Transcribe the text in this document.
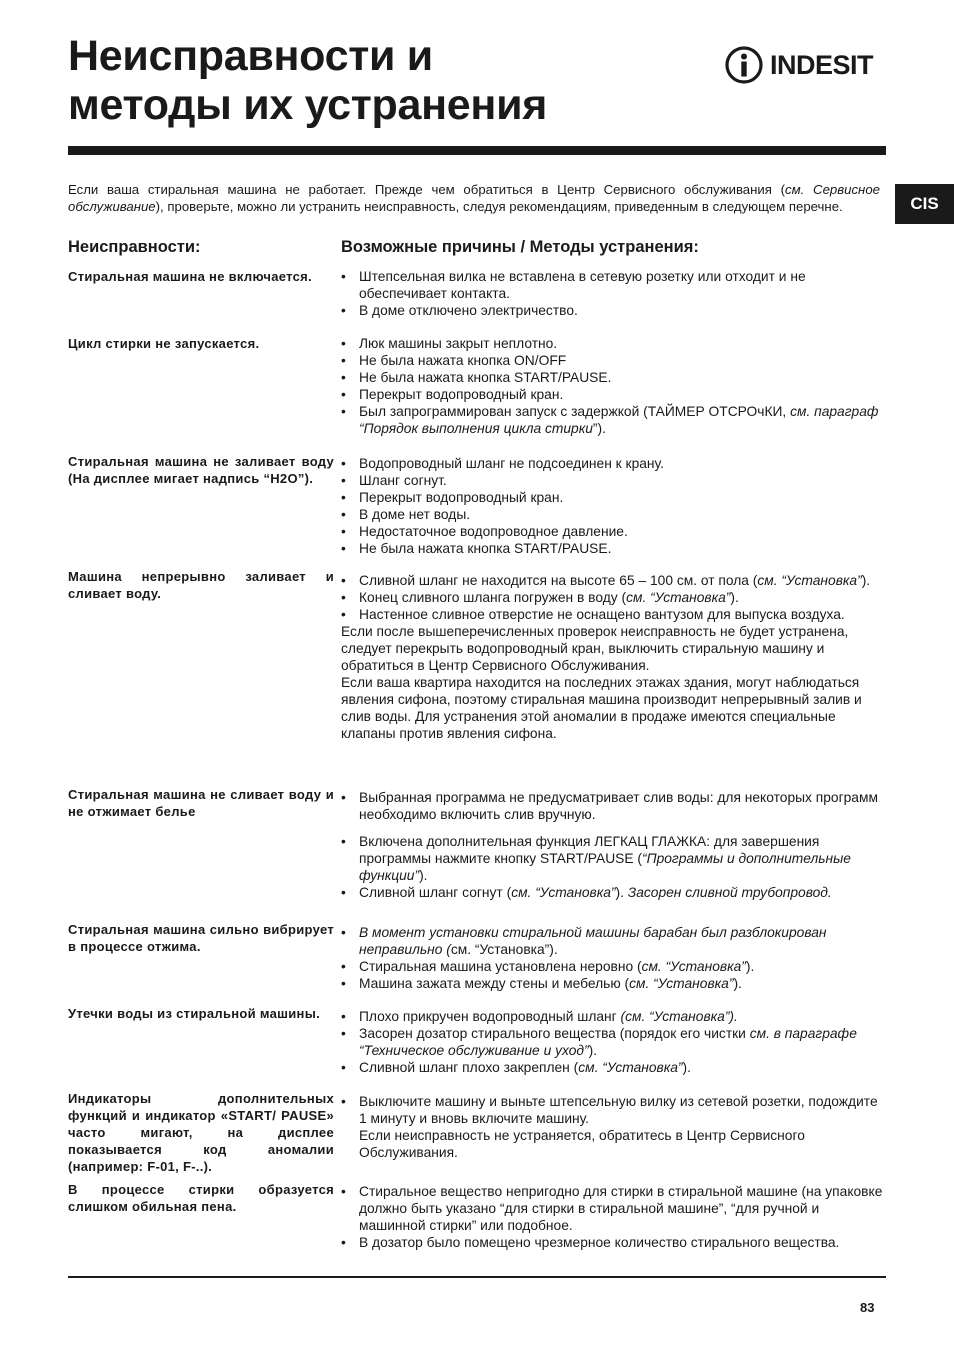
Неисправности и
методы их устранения
INDESIT
CIS

Если ваша стиральная машина не работает. Прежде чем обратиться в Центр Сервисного обслуживания (см. Сервисное обслуживание), проверьте, можно ли устранить неисправность, следуя рекомендациям, приведенным в следующем перечне.

Неисправности:	Возможные причины / Методы устранения:

Стиральная машина не включается.	• Штепсельная вилка не вставлена в сетевую розетку или отходит и не обеспечивает контакта.
• В доме отключено электричество.

Цикл стирки не запускается.	• Люк машины закрыт неплотно.
• Не была нажата кнопка ON/OFF
• Не была нажата кнопка START/PAUSE.
• Перекрыт водопроводный кран.
• Был запрограммирован запуск с задержкой (ТАЙМЕР ОТСРОчКИ, см. параграф “Порядок выполнения цикла стирки”).

Стиральная машина не заливает воду (На дисплее мигает надпись “H2O”).

• Водопроводный шланг не подсоединен к крану.
• Шланг согнут.
• Перекрыт водопроводный кран.
• В доме нет воды.
• Недостаточное водопроводное давление.
• Не была нажата кнопка START/PAUSE.

Машина непрерывно заливает и сливает воду.

• Сливной шланг не находится на высоте 65 – 100 см. от пола (см. “Установка”).
• Конец сливного шланга погружен в воду (см. “Установка”).
• Настенное сливное отверстие не оснащено вантузом для выпуска воздуха.

Если после вышеперечисленных проверок неисправность не будет устранена, следует перекрыть водопроводный кран, выключить стиральную машину и обратиться в Центр Сервисного Обслуживания.

Если ваша квартира находится на последних этажах здания, могут наблюдаться явления сифона, поэтому стиральная машина производит непрерывный залив и слив воды. Для устранения этой аномалии в продаже имеются специальные клапаны против явления сифона.

Стиральная машина не сливает воду и не отжимает белье

• Выбранная программа не предусматривает слив воды: для некоторых программ необходимо включить слив вручную.
• Включена дополнительная функция ЛЕГКАЦ ГЛАЖКА: для завершения программы нажмите кнопку START/PAUSE (“Программы и дополнительные функции”).
• Сливной шланг согнут (см. “Установка”). Засорен сливной трубопровод.

Стиральная машина сильно вибрирует в процессе отжима.

• В момент установки стиральной машины барабан был разблокирован неправильно (см. “Установка”).
• Стиральная машина установлена неровно (см. “Установка”).
• Машина зажата между стены и мебелью (см. “Установка”).

Утечки воды из стиральной машины.	• Плохо прикручен водопроводный шланг (см. “Установка”).
• Засорен дозатор стирального вещества (порядок его чистки см. в параграфе “Техническое обслуживание и уход”).
• Сливной шланг плохо закреплен (см. “Установка”).

Индикаторы дополнительных функций и индикатор «START/ PAUSE» часто мигают, на дисплее показывается код аномалии (например: F-01, F-..).

• Выключите машину и выньте штепсельную вилку из сетевой розетки, подождите 1 минуту и вновь включите машину.
Если неисправность не устраняется, обратитесь в Центр Сервисного Обслуживания.

В процессе стирки образуется слишком обильная пена.

• Стиральное вещество непригодно для стирки в стиральной машине (на упаковке должно быть указано “для стирки в стиральной машине”, “для ручной и машинной стирки” или подобное.
• В дозатор было помещено чрезмерное количество стирального вещества.
83
